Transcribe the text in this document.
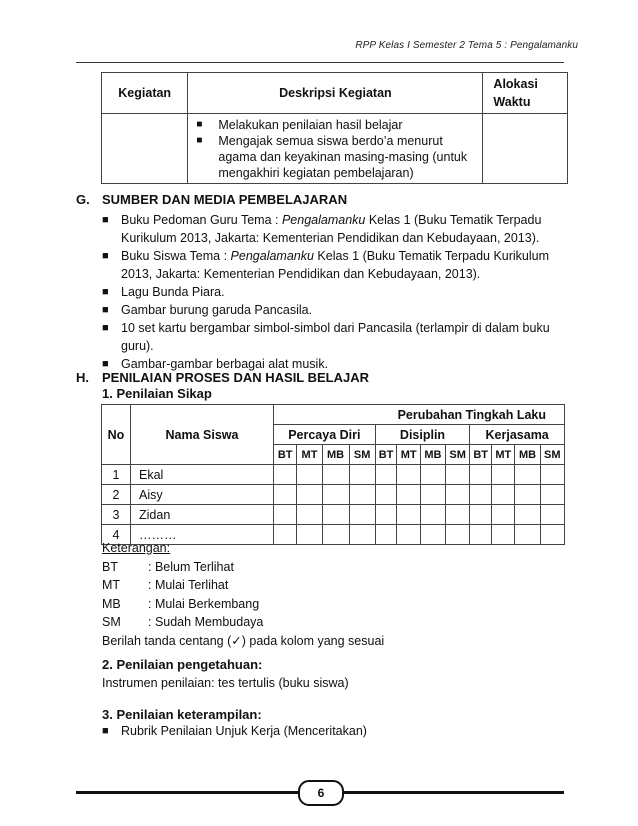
RPP Kelas I Semester 2 Tema 5 : Pengalamanku
Kegiatan	Deskripsi Kegiatan	Alokasi Waktu

	■ Melakukan penilaian hasil belajar
■ Mengajak semua siswa berdo’a menurut agama dan keyakinan masing-masing (untuk mengakhiri kegiatan pembelajaran)	

G. SUMBER DAN MEDIA PEMBELAJARAN
■ Buku Pedoman Guru Tema : Pengalamanku Kelas 1 (Buku Tematik Terpadu Kurikulum 2013, Jakarta: Kementerian Pendidikan dan Kebudayaan, 2013).
■ Buku Siswa Tema : Pengalamanku Kelas 1 (Buku Tematik Terpadu Kurikulum 2013, Jakarta: Kementerian Pendidikan dan Kebudayaan, 2013).
■ Lagu Bunda Piara.
■ Gambar burung garuda Pancasila.
■ 10 set kartu bergambar simbol-simbol dari Pancasila (terlampir di dalam buku guru).
■ Gambar-gambar berbagai alat musik.
H. PENILAIAN PROSES DAN HASIL BELAJAR
1. Penilaian Sikap
No	Nama Siswa	Perubahan Tingkah Laku											
		Percaya Diri				Disiplin				Kerjasama			
		BT	MT	MB	SM	BT	MT	MB	SM	BT	MT	MB	SM
1	Ekal												
2	Aisy												
3	Zidan												
4	………												
Keterangan:
BT : Belum Terlihat
MT : Mulai Terlihat
MB : Mulai Berkembang
SM : Sudah Membudaya
Berilah tanda centang (✓) pada kolom yang sesuai
2. Penilaian pengetahuan:
Instrumen penilaian: tes tertulis (buku siswa)
3. Penilaian keterampilan:
■ Rubrik Penilaian Unjuk Kerja (Menceritakan)
6
